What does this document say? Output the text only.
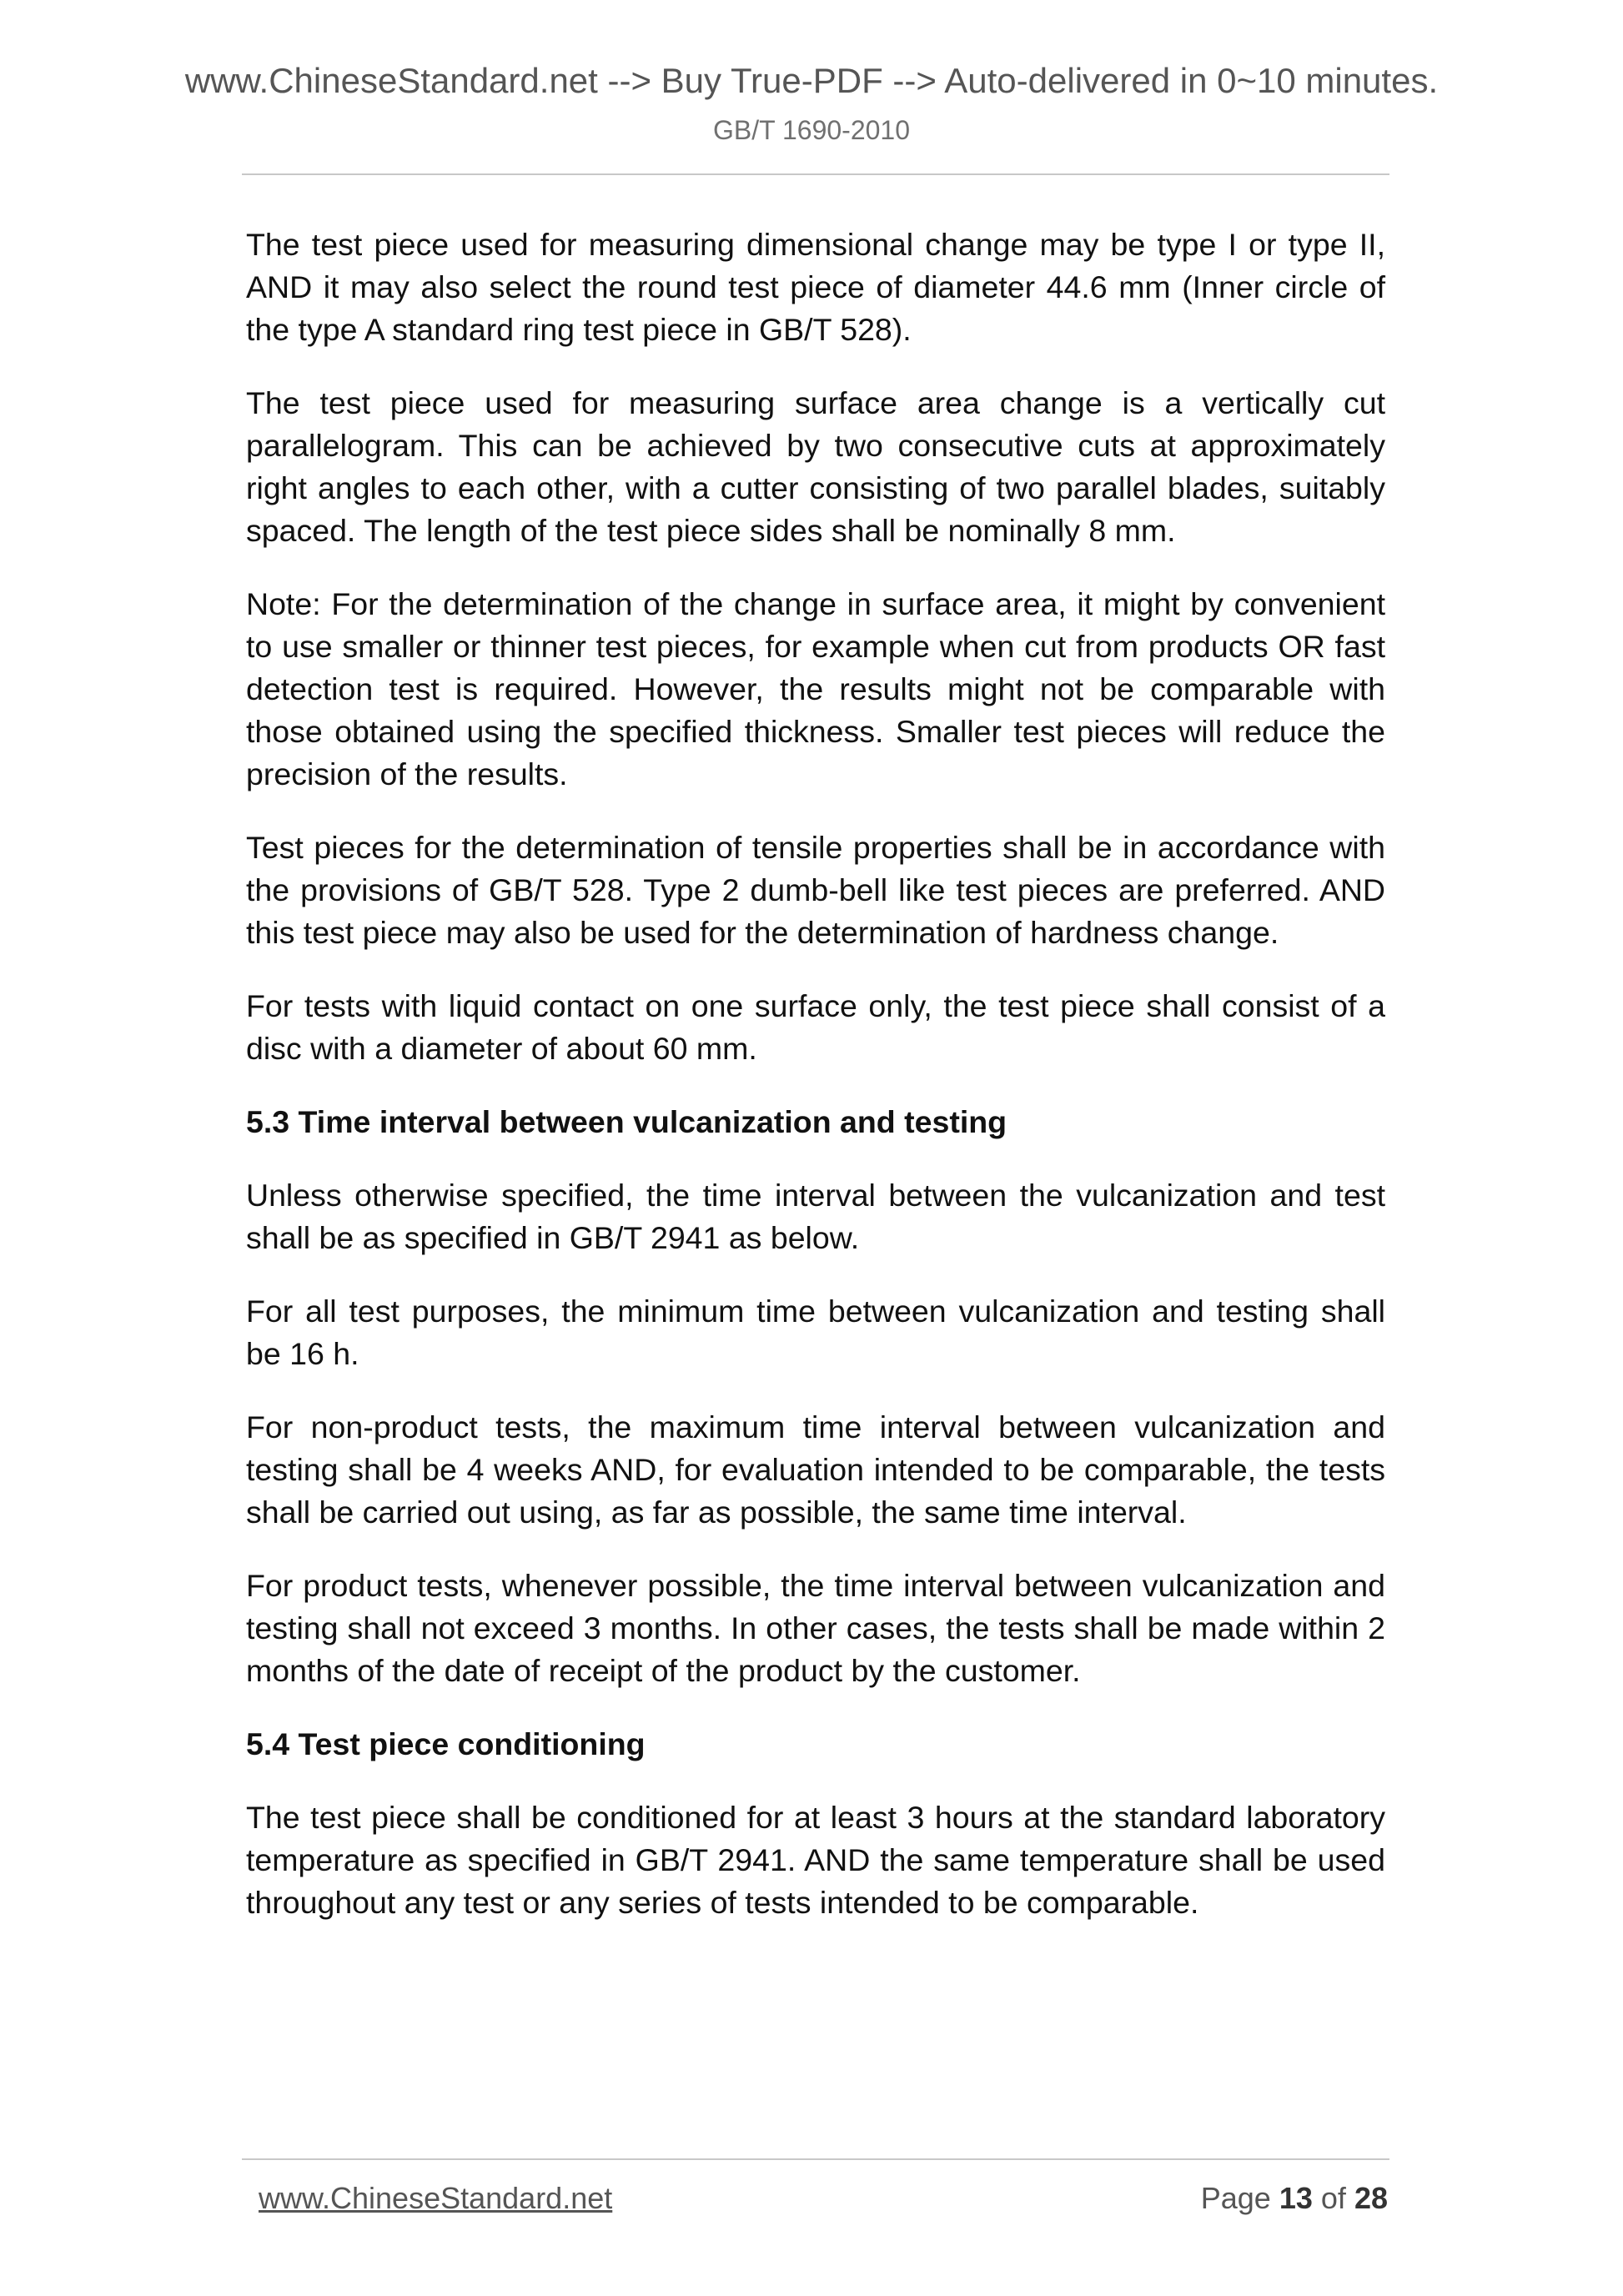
www.ChineseStandard.net --> Buy True-PDF --> Auto-delivered in 0~10 minutes.
GB/T 1690-2010

The test piece used for measuring dimensional change may be type I or type II, AND it may also select the round test piece of diameter 44.6 mm (Inner circle of the type A standard ring test piece in GB/T 528).

The test piece used for measuring surface area change is a vertically cut parallelogram. This can be achieved by two consecutive cuts at approximately right angles to each other, with a cutter consisting of two parallel blades, suitably spaced. The length of the test piece sides shall be nominally 8 mm.

Note: For the determination of the change in surface area, it might by convenient to use smaller or thinner test pieces, for example when cut from products OR fast detection test is required. However, the results might not be comparable with those obtained using the specified thickness. Smaller test pieces will reduce the precision of the results.

Test pieces for the determination of tensile properties shall be in accordance with the provisions of GB/T 528. Type 2 dumb-bell like test pieces are preferred. AND this test piece may also be used for the determination of hardness change.

For tests with liquid contact on one surface only, the test piece shall consist of a disc with a diameter of about 60 mm.

5.3 Time interval between vulcanization and testing

Unless otherwise specified, the time interval between the vulcanization and test shall be as specified in GB/T 2941 as below.

For all test purposes, the minimum time between vulcanization and testing shall be 16 h.

For non-product tests, the maximum time interval between vulcanization and testing shall be 4 weeks AND, for evaluation intended to be comparable, the tests shall be carried out using, as far as possible, the same time interval.

For product tests, whenever possible, the time interval between vulcanization and testing shall not exceed 3 months. In other cases, the tests shall be made within 2 months of the date of receipt of the product by the customer.

5.4 Test piece conditioning

The test piece shall be conditioned for at least 3 hours at the standard laboratory temperature as specified in GB/T 2941. AND the same temperature shall be used throughout any test or any series of tests intended to be comparable.

www.ChineseStandard.net	Page 13 of 28
